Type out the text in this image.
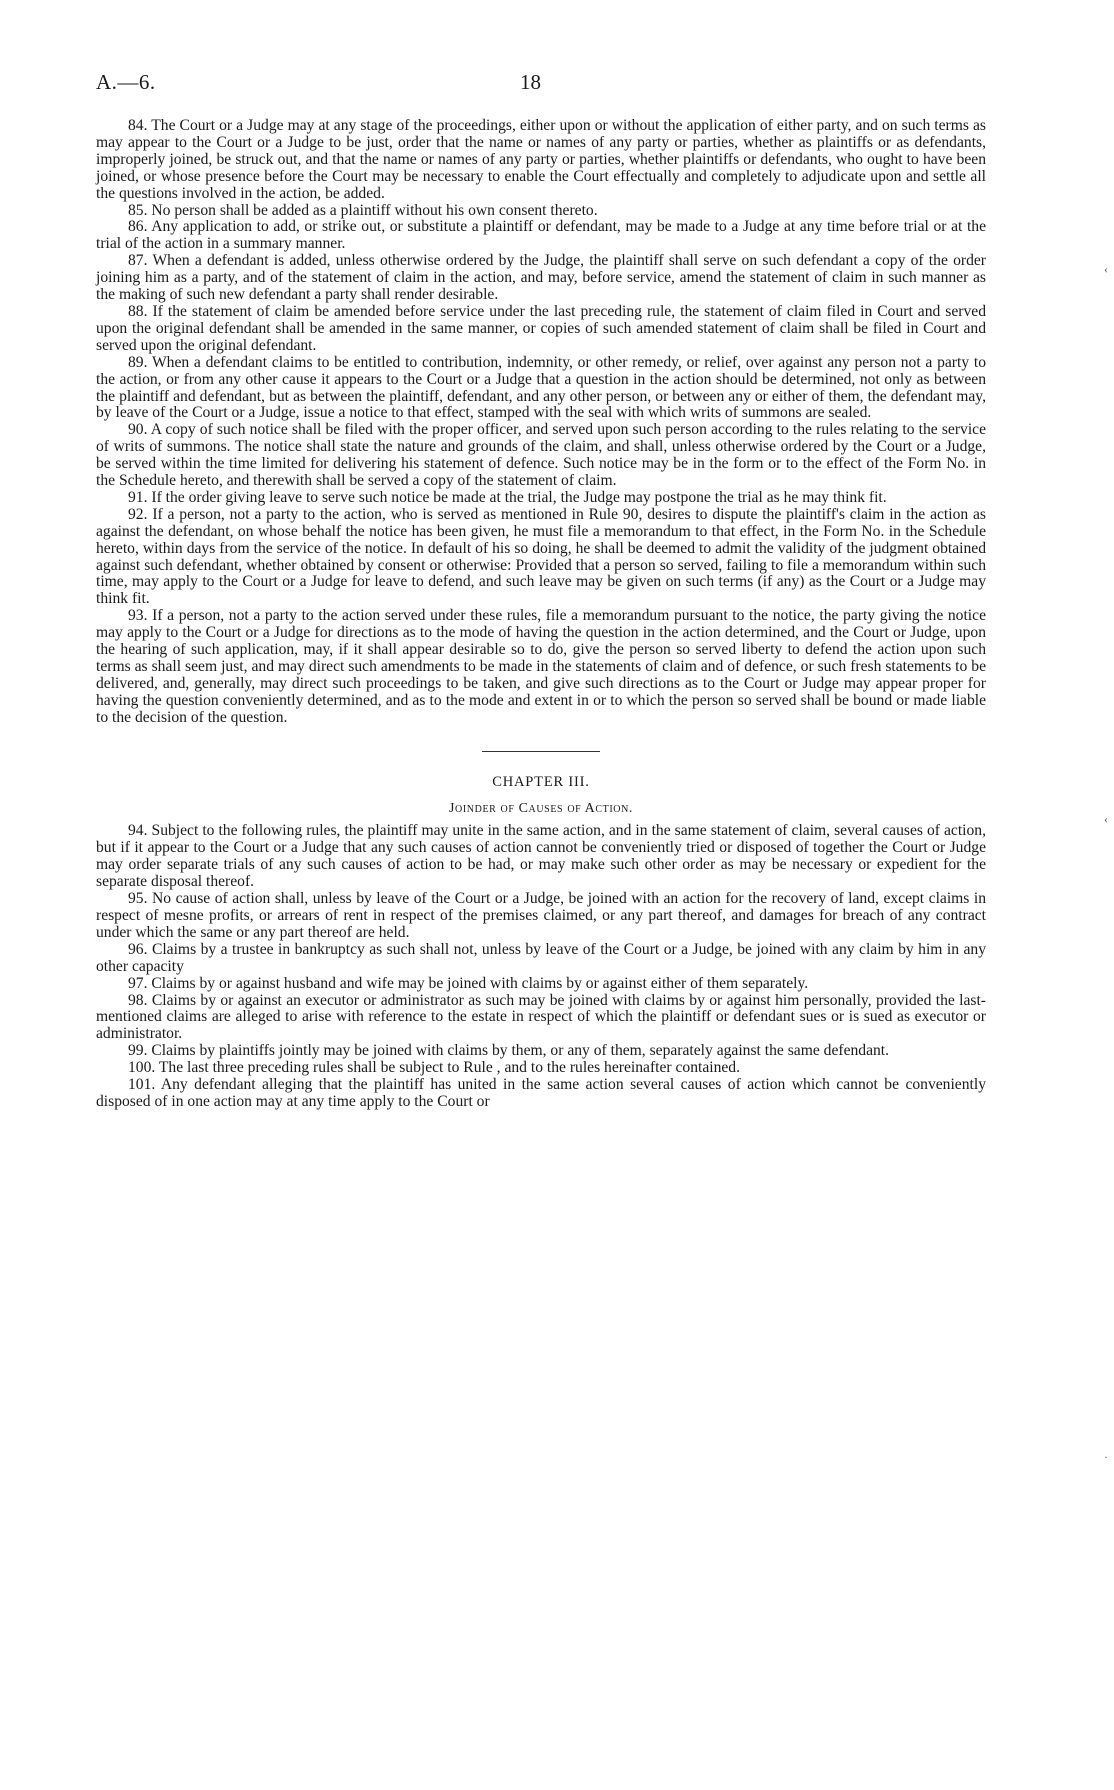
A.—6.	18

84. The Court or a Judge may at any stage of the proceedings, either upon or without the application of either party, and on such terms as may appear to the Court or a Judge to be just, order that the name or names of any party or parties, whether as plaintiffs or as defendants, improperly joined, be struck out, and that the name or names of any party or parties, whether plaintiffs or defendants, who ought to have been joined, or whose presence before the Court may be necessary to enable the Court effectually and completely to adjudicate upon and settle all the questions involved in the action, be added.

85. No person shall be added as a plaintiff without his own consent thereto.

86. Any application to add, or strike out, or substitute a plaintiff or defendant, may be made to a Judge at any time before trial or at the trial of the action in a summary manner.

87. When a defendant is added, unless otherwise ordered by the Judge, the plaintiff shall serve on such defendant a copy of the order joining him as a party, and of the statement of claim in the action, and may, before service, amend the statement of claim in such manner as the making of such new defendant a party shall render desirable.

88. If the statement of claim be amended before service under the last preceding rule, the statement of claim filed in Court and served upon the original defendant shall be amended in the same manner, or copies of such amended statement of claim shall be filed in Court and served upon the original defendant.

89. When a defendant claims to be entitled to contribution, indemnity, or other remedy, or relief, over against any person not a party to the action, or from any other cause it appears to the Court or a Judge that a question in the action should be determined, not only as between the plaintiff and defendant, but as between the plaintiff, defendant, and any other person, or between any or either of them, the defendant may, by leave of the Court or a Judge, issue a notice to that effect, stamped with the seal with which writs of summons are sealed.

90. A copy of such notice shall be filed with the proper officer, and served upon such person according to the rules relating to the service of writs of summons. The notice shall state the nature and grounds of the claim, and shall, unless otherwise ordered by the Court or a Judge, be served within the time limited for delivering his statement of defence. Such notice may be in the form or to the effect of the Form No. in the Schedule hereto, and therewith shall be served a copy of the statement of claim.

91. If the order giving leave to serve such notice be made at the trial, the Judge may postpone the trial as he may think fit.

92. If a person, not a party to the action, who is served as mentioned in Rule 90, desires to dispute the plaintiff's claim in the action as against the defendant, on whose behalf the notice has been given, he must file a memorandum to that effect, in the Form No. in the Schedule hereto, within days from the service of the notice. In default of his so doing, he shall be deemed to admit the validity of the judgment obtained against such defendant, whether obtained by consent or otherwise: Provided that a person so served, failing to file a memorandum within such time, may apply to the Court or a Judge for leave to defend, and such leave may be given on such terms (if any) as the Court or a Judge may think fit.

93. If a person, not a party to the action served under these rules, file a memorandum pursuant to the notice, the party giving the notice may apply to the Court or a Judge for directions as to the mode of having the question in the action determined, and the Court or Judge, upon the hearing of such application, may, if it shall appear desirable so to do, give the person so served liberty to defend the action upon such terms as shall seem just, and may direct such amendments to be made in the statements of claim and of defence, or such fresh statements to be delivered, and, generally, may direct such proceedings to be taken, and give such directions as to the Court or Judge may appear proper for having the question conveniently determined, and as to the mode and extent in or to which the person so served shall be bound or made liable to the decision of the question.

CHAPTER III.

Joinder of Causes of Action.

94. Subject to the following rules, the plaintiff may unite in the same action, and in the same statement of claim, several causes of action, but if it appear to the Court or a Judge that any such causes of action cannot be conveniently tried or disposed of together the Court or Judge may order separate trials of any such causes of action to be had, or may make such other order as may be necessary or expedient for the separate disposal thereof.

95. No cause of action shall, unless by leave of the Court or a Judge, be joined with an action for the recovery of land, except claims in respect of mesne profits, or arrears of rent in respect of the premises claimed, or any part thereof, and damages for breach of any contract under which the same or any part thereof are held.

96. Claims by a trustee in bankruptcy as such shall not, unless by leave of the Court or a Judge, be joined with any claim by him in any other capacity

97. Claims by or against husband and wife may be joined with claims by or against either of them separately.

98. Claims by or against an executor or administrator as such may be joined with claims by or against him personally, provided the last-mentioned claims are alleged to arise with reference to the estate in respect of which the plaintiff or defendant sues or is sued as executor or administrator.

99. Claims by plaintiffs jointly may be joined with claims by them, or any of them, separately against the same defendant.

100. The last three preceding rules shall be subject to Rule , and to the rules hereinafter contained.

101. Any defendant alleging that the plaintiff has united in the same action several causes of action which cannot be conveniently disposed of in one action may at any time apply to the Court or

‹
‹
·
